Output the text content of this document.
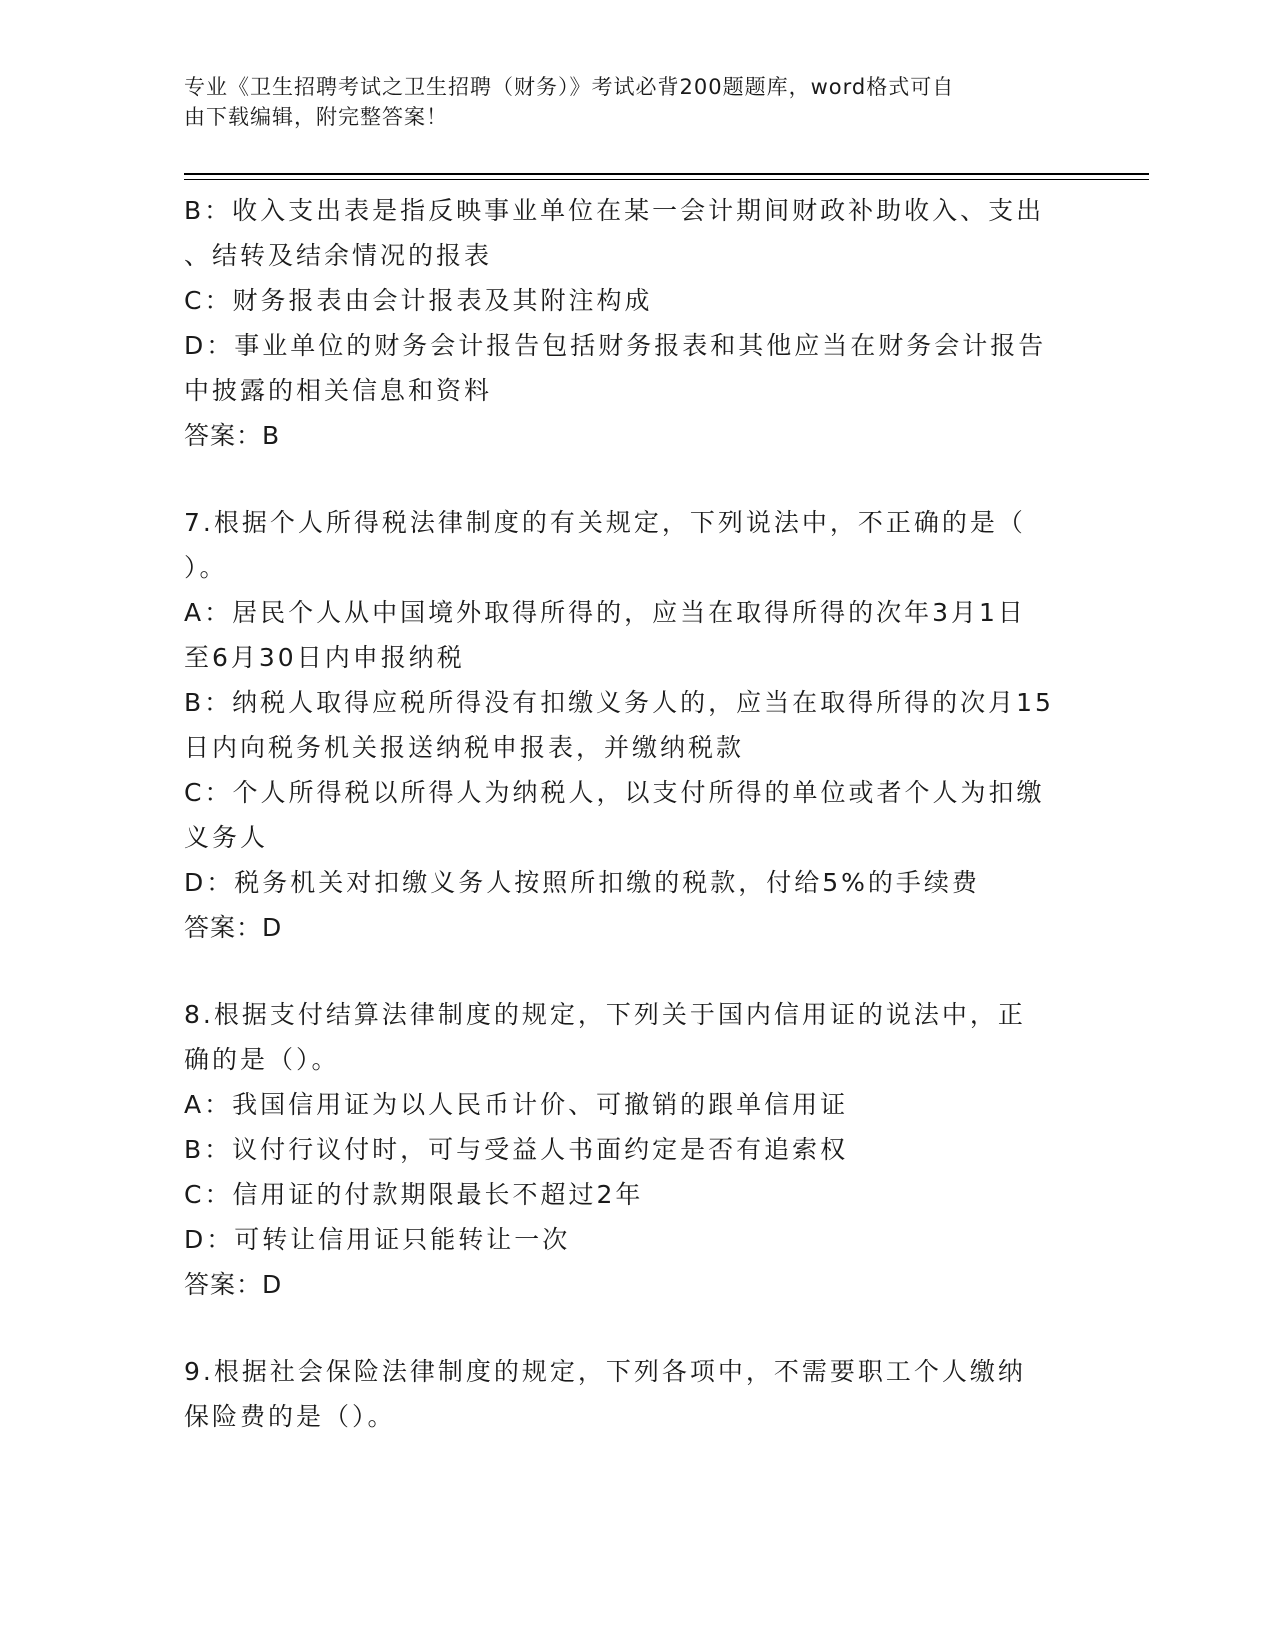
专业《卫生招聘考试之卫生招聘（财务）》考试必背200题题库，word格式可自
由下载编辑，附完整答案！
B：收入支出表是指反映事业单位在某一会计期间财政补助收入、支出
、结转及结余情况的报表
C：财务报表由会计报表及其附注构成
D：事业单位的财务会计报告包括财务报表和其他应当在财务会计报告
中披露的相关信息和资料
答案：B
7.根据个人所得税法律制度的有关规定，下列说法中，不正确的是（
）。
A：居民个人从中国境外取得所得的，应当在取得所得的次年3月1日
至6月30日内申报纳税
B：纳税人取得应税所得没有扣缴义务人的，应当在取得所得的次月15
日内向税务机关报送纳税申报表，并缴纳税款
C：个人所得税以所得人为纳税人，以支付所得的单位或者个人为扣缴
义务人
D：税务机关对扣缴义务人按照所扣缴的税款，付给5%的手续费
答案：D
8.根据支付结算法律制度的规定，下列关于国内信用证的说法中，正
确的是（）。
A：我国信用证为以人民币计价、可撤销的跟单信用证
B：议付行议付时，可与受益人书面约定是否有追索权
C：信用证的付款期限最长不超过2年
D：可转让信用证只能转让一次
答案：D
9.根据社会保险法律制度的规定，下列各项中，不需要职工个人缴纳
保险费的是（）。
